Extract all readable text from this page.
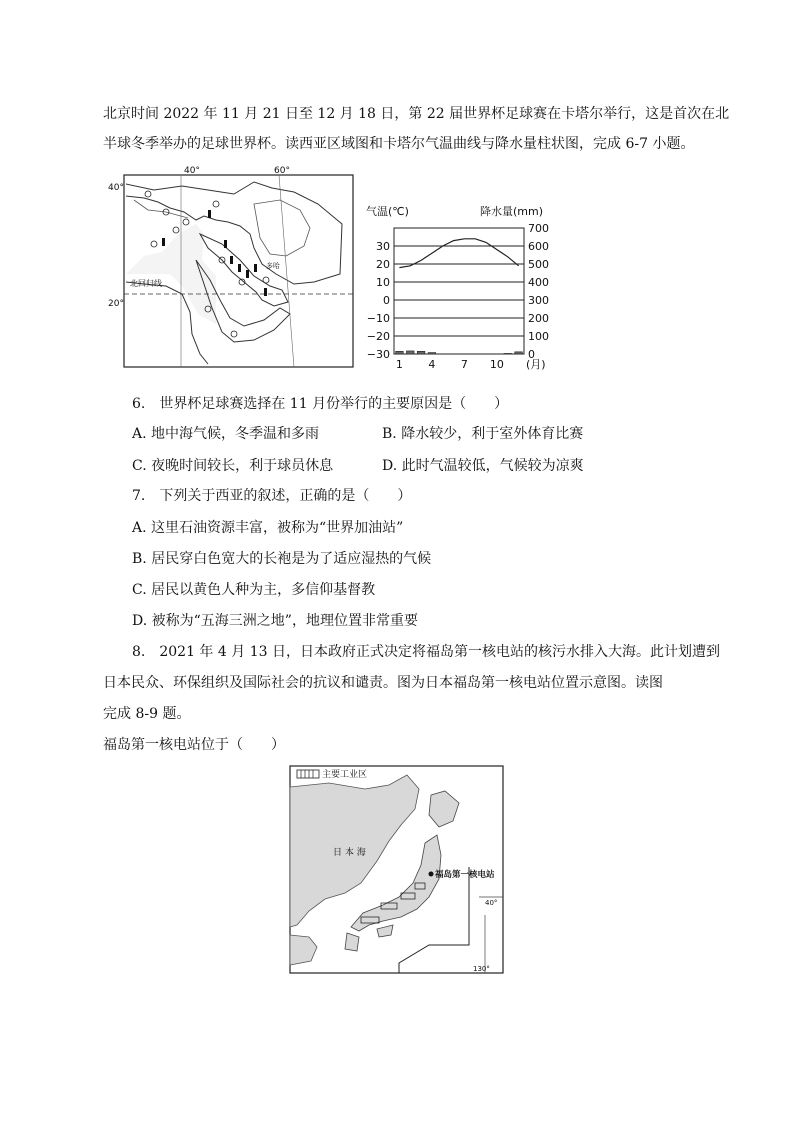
北京时间 2022 年 11 月 21 日至 12 月 18 日，第 22 届世界杯足球赛在卡塔尔举行，这是首次在北
半球冬季举办的足球世界杯。读西亚区域图和卡塔尔气温曲线与降水量柱状图，完成 6-7 小题。
40°
20°
40°	60°
北回归线
多哈
气温(℃)	降水量(mm)
30
20
10
0
−10
−20
−30
700
600
500
400
300
200
100
0
1 4 7 10 (月)
6.　世界杯足球赛选择在 11 月份举行的主要原因是（　　）
A. 地中海气候，冬季温和多雨	B. 降水较少，利于室外体育比赛
C. 夜晚时间较长，利于球员休息	D. 此时气温较低，气候较为凉爽
7.　下列关于西亚的叙述，正确的是（　　）
A. 这里石油资源丰富，被称为“世界加油站”
B. 居民穿白色宽大的长袍是为了适应湿热的气候
C. 居民以黄色人种为主，多信仰基督教
D. 被称为“五海三洲之地”，地理位置非常重要
8.　2021 年 4 月 13 日，日本政府正式决定将福岛第一核电站的核污水排入大海。此计划遭到
日本民众、环保组织及国际社会的抗议和谴责。图为日本福岛第一核电站位置示意图。读图
完成 8-9 题。
福岛第一核电站位于（　　）
主要工业区
日 本 海
福岛第一核电站
40°
130°
